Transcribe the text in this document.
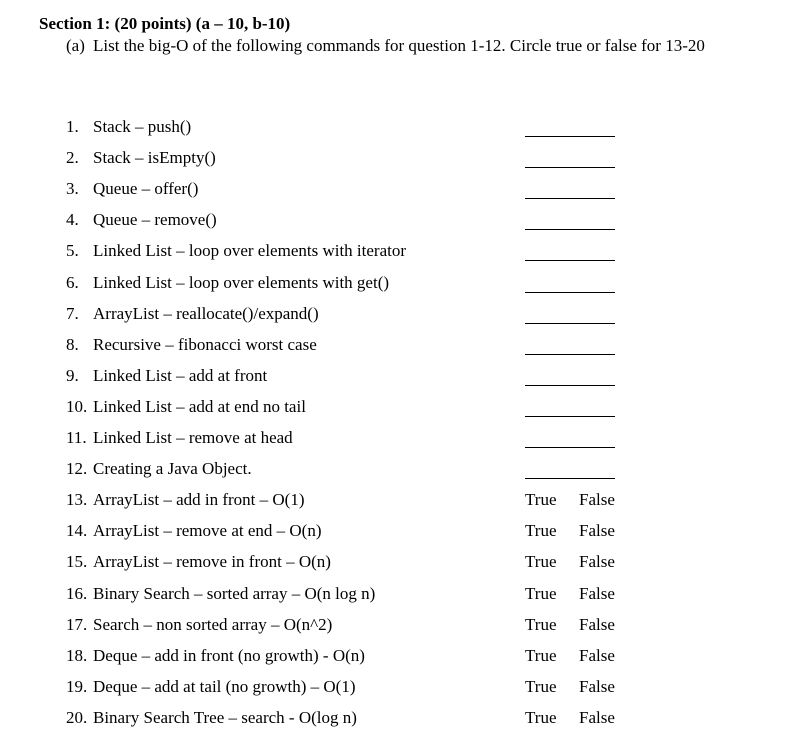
Section 1: (20 points) (a – 10, b-10)
(a) List the big-O of the following commands for question 1-12. Circle true or false for 13-20
1. Stack – push()
2. Stack – isEmpty()
3. Queue – offer()
4. Queue – remove()
5. Linked List – loop over elements with iterator
6. Linked List – loop over elements with get()
7. ArrayList – reallocate()/expand()
8. Recursive – fibonacci worst case
9. Linked List – add at front
10. Linked List – add at end no tail
11. Linked List – remove at head
12. Creating a Java Object.
13. ArrayList – add in front – O(1)	True False
14. ArrayList – remove at end – O(n)	True False
15. ArrayList – remove in front – O(n)	True False
16. Binary Search – sorted array – O(n log n)	True False
17. Search – non sorted array – O(n^2)	True False
18. Deque – add in front (no growth) - O(n)	True False
19. Deque – add at tail (no growth) – O(1)	True False
20. Binary Search Tree – search - O(log n)	True False
